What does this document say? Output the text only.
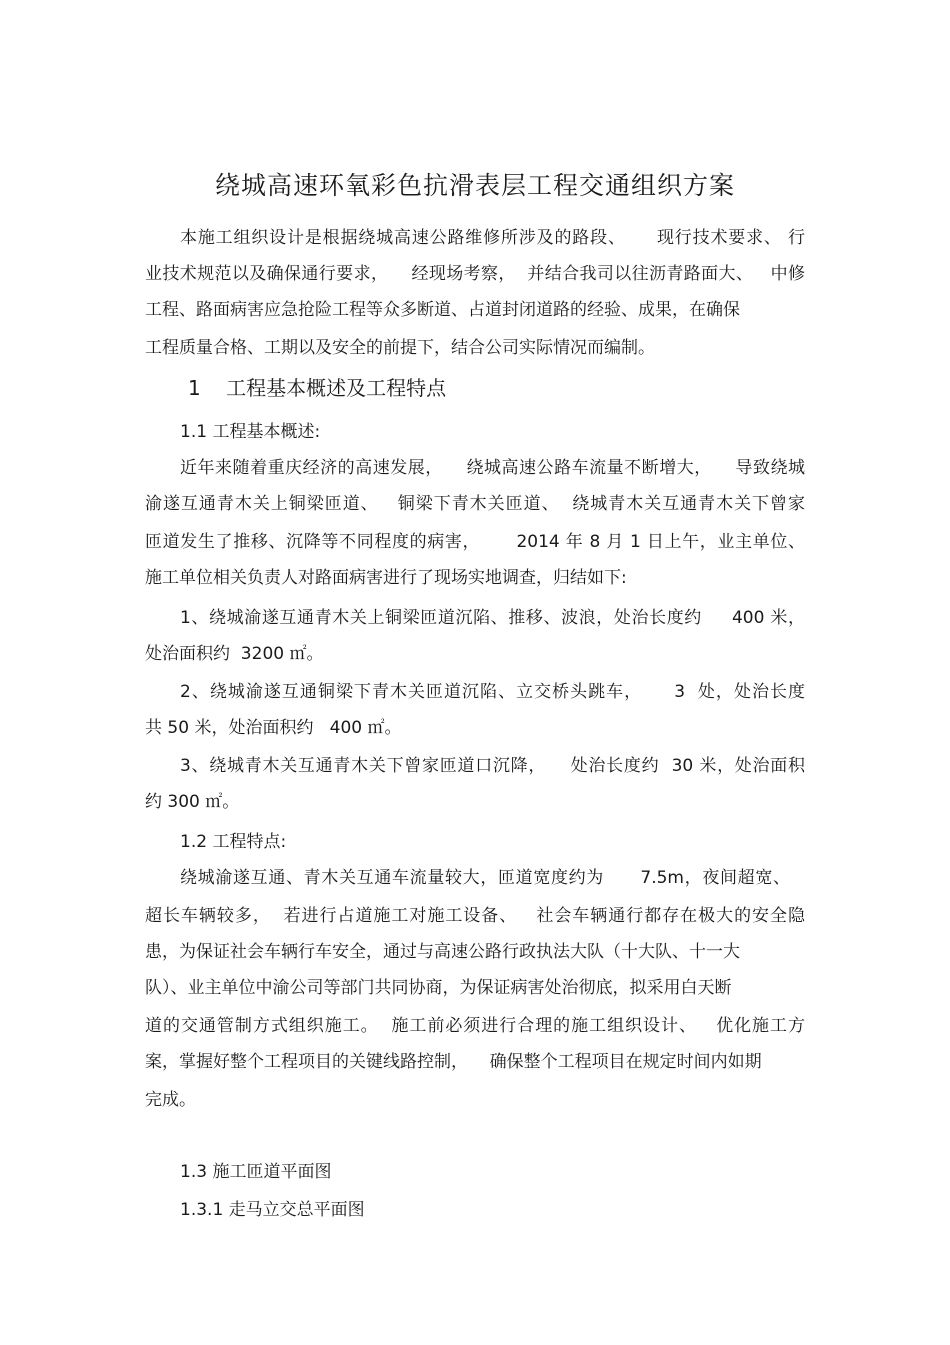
绕城高速环氧彩色抗滑表层工程交通组织方案
本施工组织设计是根据绕城高速公路维修所涉及的路段、     现行技术要求、 行
业技术规范以及确保通行要求，    经现场考察，  并结合我司以往沥青路面大、   中修
工程、路面病害应急抢险工程等众多断道、占道封闭道路的经验、成果，在确保
工程质量合格、工期以及安全的前提下，结合公司实际情况而编制。
1    工程基本概述及工程特点
1.1 工程基本概述:
近年来随着重庆经济的高速发展，    绕城高速公路车流量不断增大，    导致绕城
渝遂互通青木关上铜梁匝道、   铜梁下青木关匝道、  绕城青木关互通青木关下曾家
匝道发生了推移、沉降等不同程度的病害，      2014 年 8 月 1 日上午，业主单位、
施工单位相关负责人对路面病害进行了现场实地调查，归结如下:
1、绕城渝遂互通青木关上铜梁匝道沉陷、推移、波浪，处治长度约     400 米，
处治面积约  3200 ㎡。
2、绕城渝遂互通铜梁下青木关匝道沉陷、立交桥头跳车，     3  处，处治长度
共 50 米，处治面积约   400 ㎡。
3、绕城青木关互通青木关下曾家匝道口沉降，    处治长度约  30 米，处治面积
约 300 ㎡。
1.2 工程特点:
绕城渝遂互通、青木关互通车流量较大，匝道宽度约为      7.5m，夜间超宽、
超长车辆较多，  若进行占道施工对施工设备、   社会车辆通行都存在极大的安全隐
患，为保证社会车辆行车安全，通过与高速公路行政执法大队（十大队、十一大
队）、业主单位中渝公司等部门共同协商，为保证病害处治彻底，拟采用白天断
道的交通管制方式组织施工。  施工前必须进行合理的施工组织设计、   优化施工方
案，掌握好整个工程项目的关键线路控制，    确保整个工程项目在规定时间内如期
完成。
1.3 施工匝道平面图
1.3.1 走马立交总平面图
